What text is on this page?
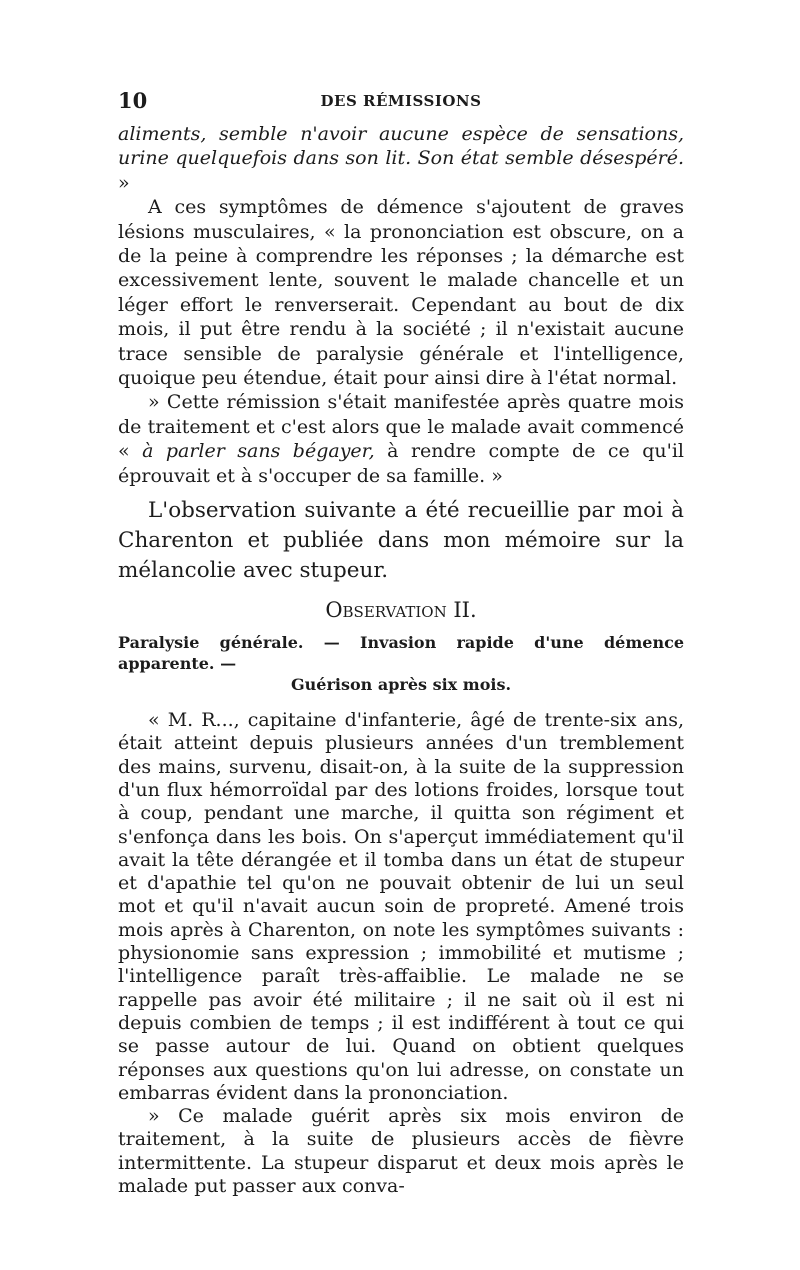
10	DES RÉMISSIONS

aliments, semble n'avoir aucune espèce de sensations, urine quelquefois dans son lit. Son état semble désespéré. »

A ces symptômes de démence s'ajoutent de graves lésions musculaires, « la prononciation est obscure, on a de la peine à comprendre les réponses ; la démarche est excessivement lente, souvent le malade chancelle et un léger effort le renverserait. Cependant au bout de dix mois, il put être rendu à la société ; il n'existait aucune trace sensible de paralysie générale et l'intelligence, quoique peu étendue, était pour ainsi dire à l'état normal.

» Cette rémission s'était manifestée après quatre mois de traitement et c'est alors que le malade avait commencé « à parler sans bégayer, à rendre compte de ce qu'il éprouvait et à s'occuper de sa famille. »

L'observation suivante a été recueillie par moi à Charenton et publiée dans mon mémoire sur la mélancolie avec stupeur.

Observation II.
Paralysie générale. — Invasion rapide d'une démence apparente. —
Guérison après six mois.

« M. R..., capitaine d'infanterie, âgé de trente-six ans, était atteint depuis plusieurs années d'un tremblement des mains, survenu, disait-on, à la suite de la suppression d'un flux hémorroïdal par des lotions froides, lorsque tout à coup, pendant une marche, il quitta son régiment et s'enfonça dans les bois. On s'aperçut immédiatement qu'il avait la tête dérangée et il tomba dans un état de stupeur et d'apathie tel qu'on ne pouvait obtenir de lui un seul mot et qu'il n'avait aucun soin de propreté. Amené trois mois après à Charenton, on note les symptômes suivants : physionomie sans expression ; immobilité et mutisme ; l'intelligence paraît très-affaiblie. Le malade ne se rappelle pas avoir été militaire ; il ne sait où il est ni depuis combien de temps ; il est indifférent à tout ce qui se passe autour de lui. Quand on obtient quelques réponses aux questions qu'on lui adresse, on constate un embarras évident dans la prononciation.

» Ce malade guérit après six mois environ de traitement, à la suite de plusieurs accès de fièvre intermittente. La stupeur disparut et deux mois après le malade put passer aux conva-
